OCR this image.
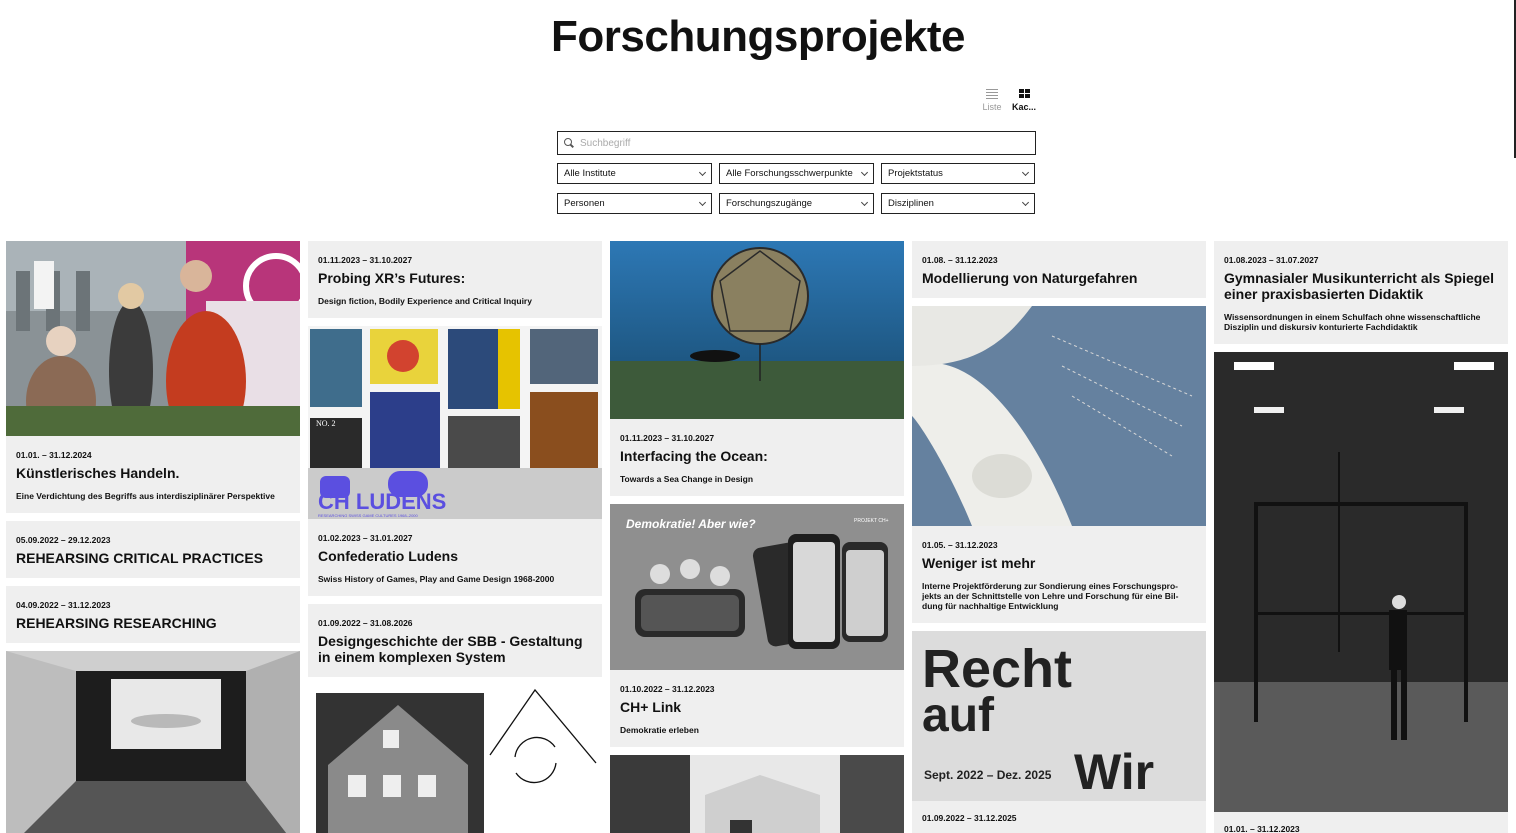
Forschungsprojekte
Liste Kac...
Suchbegriff
Alle Institute	Alle Forschungsschwerpunkte	Projektstatus
Personen	Forschungszugänge	Disziplinen
01.01. – 31.12.2024
Künstlerisches Handeln.
Eine Verdichtung des Begriffs aus interdisziplinärer Perspektive
05.09.2022 – 29.12.2023
REHEARSING CRITICAL PRACTICES
04.09.2022 – 31.12.2023
REHEARSING RESEARCHING
01.11.2023 – 31.10.2027
Probing XR’s Futures:
Design fiction, Bodily Experience and Critical Inquiry
NO. 2
CH LUDENS
RESEARCHING SWISS GAME CULTURES 1968–2000
01.02.2023 – 31.01.2027
Confederatio Ludens
Swiss History of Games, Play and Game Design 1968-2000
01.09.2022 – 31.08.2026
Designgeschichte der SBB - Gestaltung in einem komplexen System
01.11.2023 – 31.10.2027
Interfacing the Ocean:
Towards a Sea Change in Design
Demokratie! Aber wie?	PROJEKT CH+
01.10.2022 – 31.12.2023
CH+ Link
Demokratie erleben
01.08. – 31.12.2023
Modellierung von Naturgefahren
01.05. – 31.12.2023
Weniger ist mehr
Interne Projektförderung zur Sondierung eines Forschungspro-jekts an der Schnittstelle von Lehre und Forschung für eine Bil-dung für nachhaltige Entwicklung
Recht
auf
Wir
Sept. 2022 – Dez. 2025
01.09.2022 – 31.12.2025
01.08.2023 – 31.07.2027
Gymnasialer Musikunterricht als Spiegel einer praxisbasierten Didaktik
Wissensordnungen in einem Schulfach ohne wissenschaftliche Disziplin und diskursiv konturierte Fachdidaktik
01.01. – 31.12.2023
